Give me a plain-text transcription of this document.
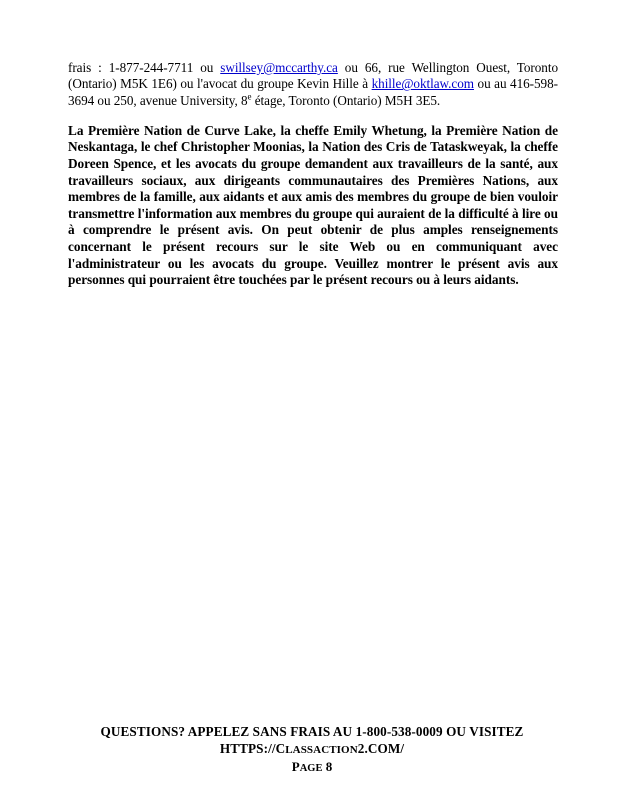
frais : 1-877-244-7711 ou swillsey@mccarthy.ca ou 66, rue Wellington Ouest, Toronto (Ontario) M5K 1E6) ou l'avocat du groupe Kevin Hille à khille@oktlaw.com ou au 416-598-3694 ou 250, avenue University, 8e étage, Toronto (Ontario) M5H 3E5.

La Première Nation de Curve Lake, la cheffe Emily Whetung, la Première Nation de Neskantaga, le chef Christopher Moonias, la Nation des Cris de Tataskweyak, la cheffe Doreen Spence, et les avocats du groupe demandent aux travailleurs de la santé, aux travailleurs sociaux, aux dirigeants communautaires des Premières Nations, aux membres de la famille, aux aidants et aux amis des membres du groupe de bien vouloir transmettre l'information aux membres du groupe qui auraient de la difficulté à lire ou à comprendre le présent avis. On peut obtenir de plus amples renseignements concernant le présent recours sur le site Web ou en communiquant avec l'administrateur ou les avocats du groupe. Veuillez montrer le présent avis aux personnes qui pourraient être touchées par le présent recours ou à leurs aidants.

QUESTIONS? APPELEZ SANS FRAIS AU 1-800-538-0009 OU VISITEZ
HTTPS://CLASSACTION2.COM/
PAGE 8
